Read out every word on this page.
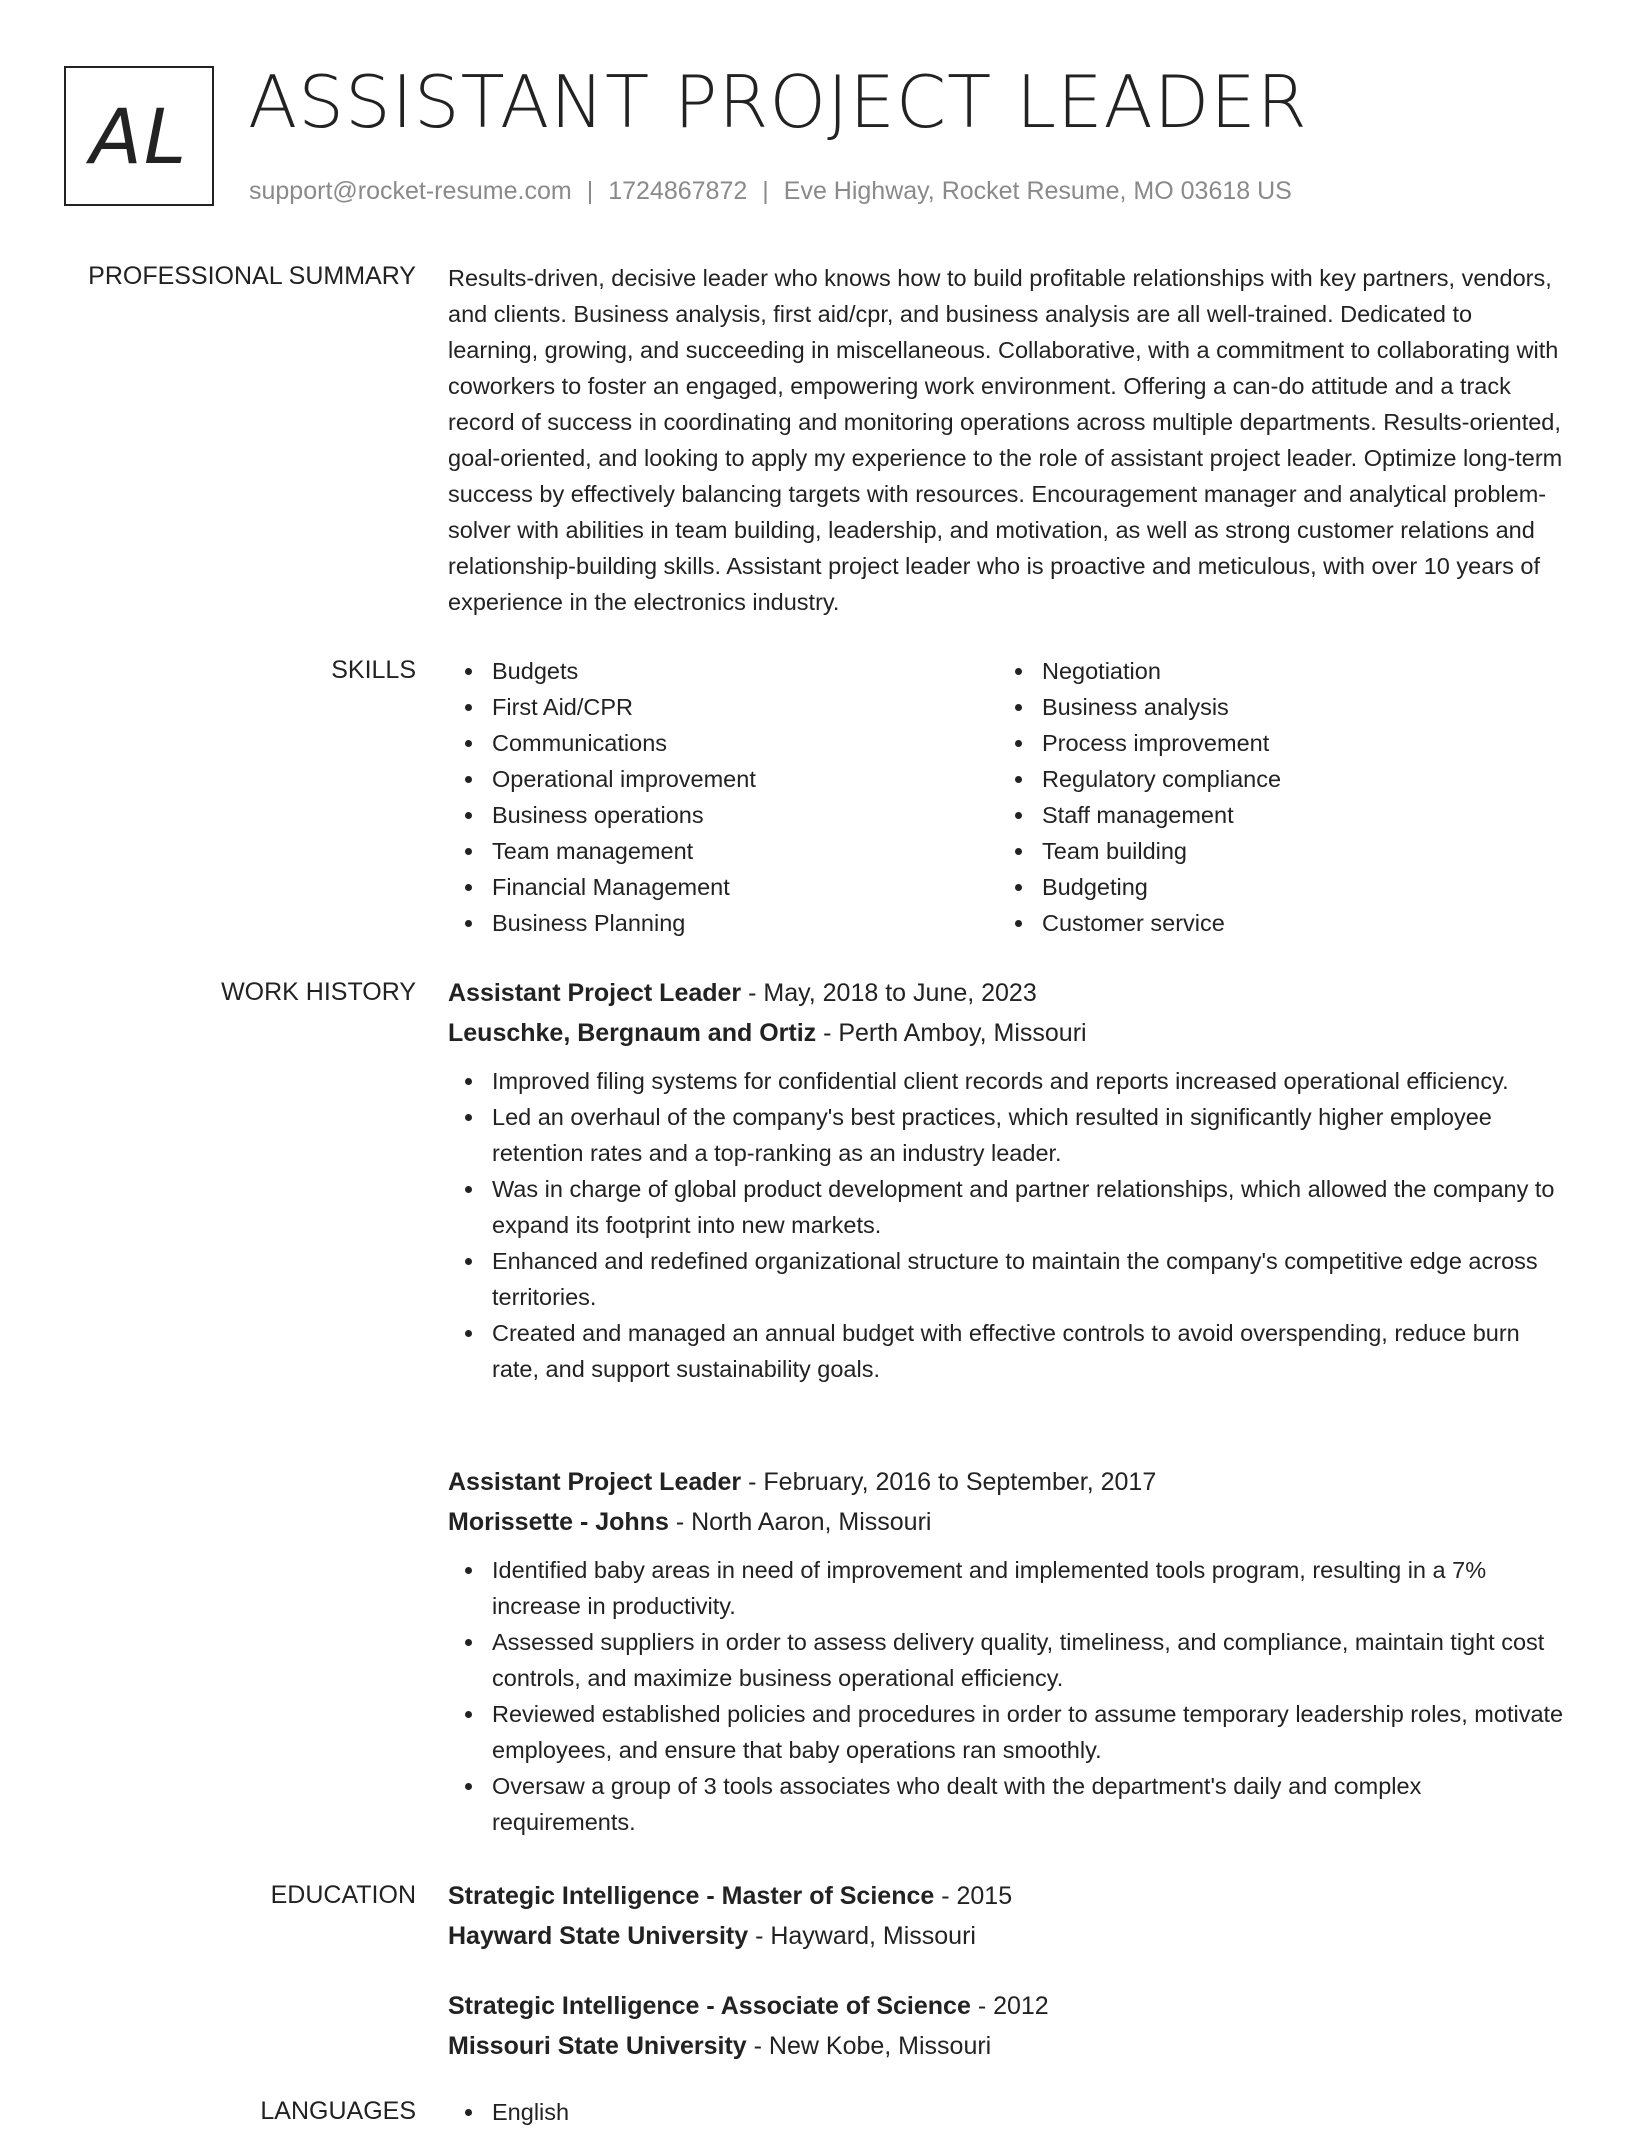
AL ASSISTANT PROJECT LEADER
support@rocket-resume.com | 1724867872 | Eve Highway, Rocket Resume, MO 03618 US
PROFESSIONAL SUMMARY Results-driven, decisive leader who knows how to build profitable relationships with key partners, vendors, and clients. Business analysis, first aid/cpr, and business analysis are all well-trained. Dedicated to learning, growing, and succeeding in miscellaneous. Collaborative, with a commitment to collaborating with coworkers to foster an engaged, empowering work environment. Offering a can-do attitude and a track record of success in coordinating and monitoring operations across multiple departments. Results-oriented, goal-oriented, and looking to apply my experience to the role of assistant project leader. Optimize long-term success by effectively balancing targets with resources. Encouragement manager and analytical problem-solver with abilities in team building, leadership, and motivation, as well as strong customer relations and relationship-building skills. Assistant project leader who is proactive and meticulous, with over 10 years of experience in the electronics industry.

SKILLS	Budgets
First Aid/CPR
Communications
Operational improvement
Business operations
Team management
Financial Management
Business Planning
Negotiation
Business analysis
Process improvement
Regulatory compliance
Staff management
Team building
Budgeting
Customer service
WORK HISTORY Assistant Project Leader - May, 2018 to June, 2023
Leuschke, Bergnaum and Ortiz - Perth Amboy, Missouri
Improved filing systems for confidential client records and reports increased operational efficiency.
Led an overhaul of the company's best practices, which resulted in significantly higher employee retention rates and a top-ranking as an industry leader.
Was in charge of global product development and partner relationships, which allowed the company to expand its footprint into new markets.
Enhanced and redefined organizational structure to maintain the company's competitive edge across territories.
Created and managed an annual budget with effective controls to avoid overspending, reduce burn rate, and support sustainability goals.
Assistant Project Leader - February, 2016 to September, 2017
Morissette - Johns - North Aaron, Missouri
Identified baby areas in need of improvement and implemented tools program, resulting in a 7% increase in productivity.
Assessed suppliers in order to assess delivery quality, timeliness, and compliance, maintain tight cost controls, and maximize business operational efficiency.
Reviewed established policies and procedures in order to assume temporary leadership roles, motivate employees, and ensure that baby operations ran smoothly.
Oversaw a group of 3 tools associates who dealt with the department's daily and complex requirements.
EDUCATION Strategic Intelligence - Master of Science - 2015
Hayward State University - Hayward, Missouri
Strategic Intelligence - Associate of Science - 2012
Missouri State University - New Kobe, Missouri
LANGUAGES	English
